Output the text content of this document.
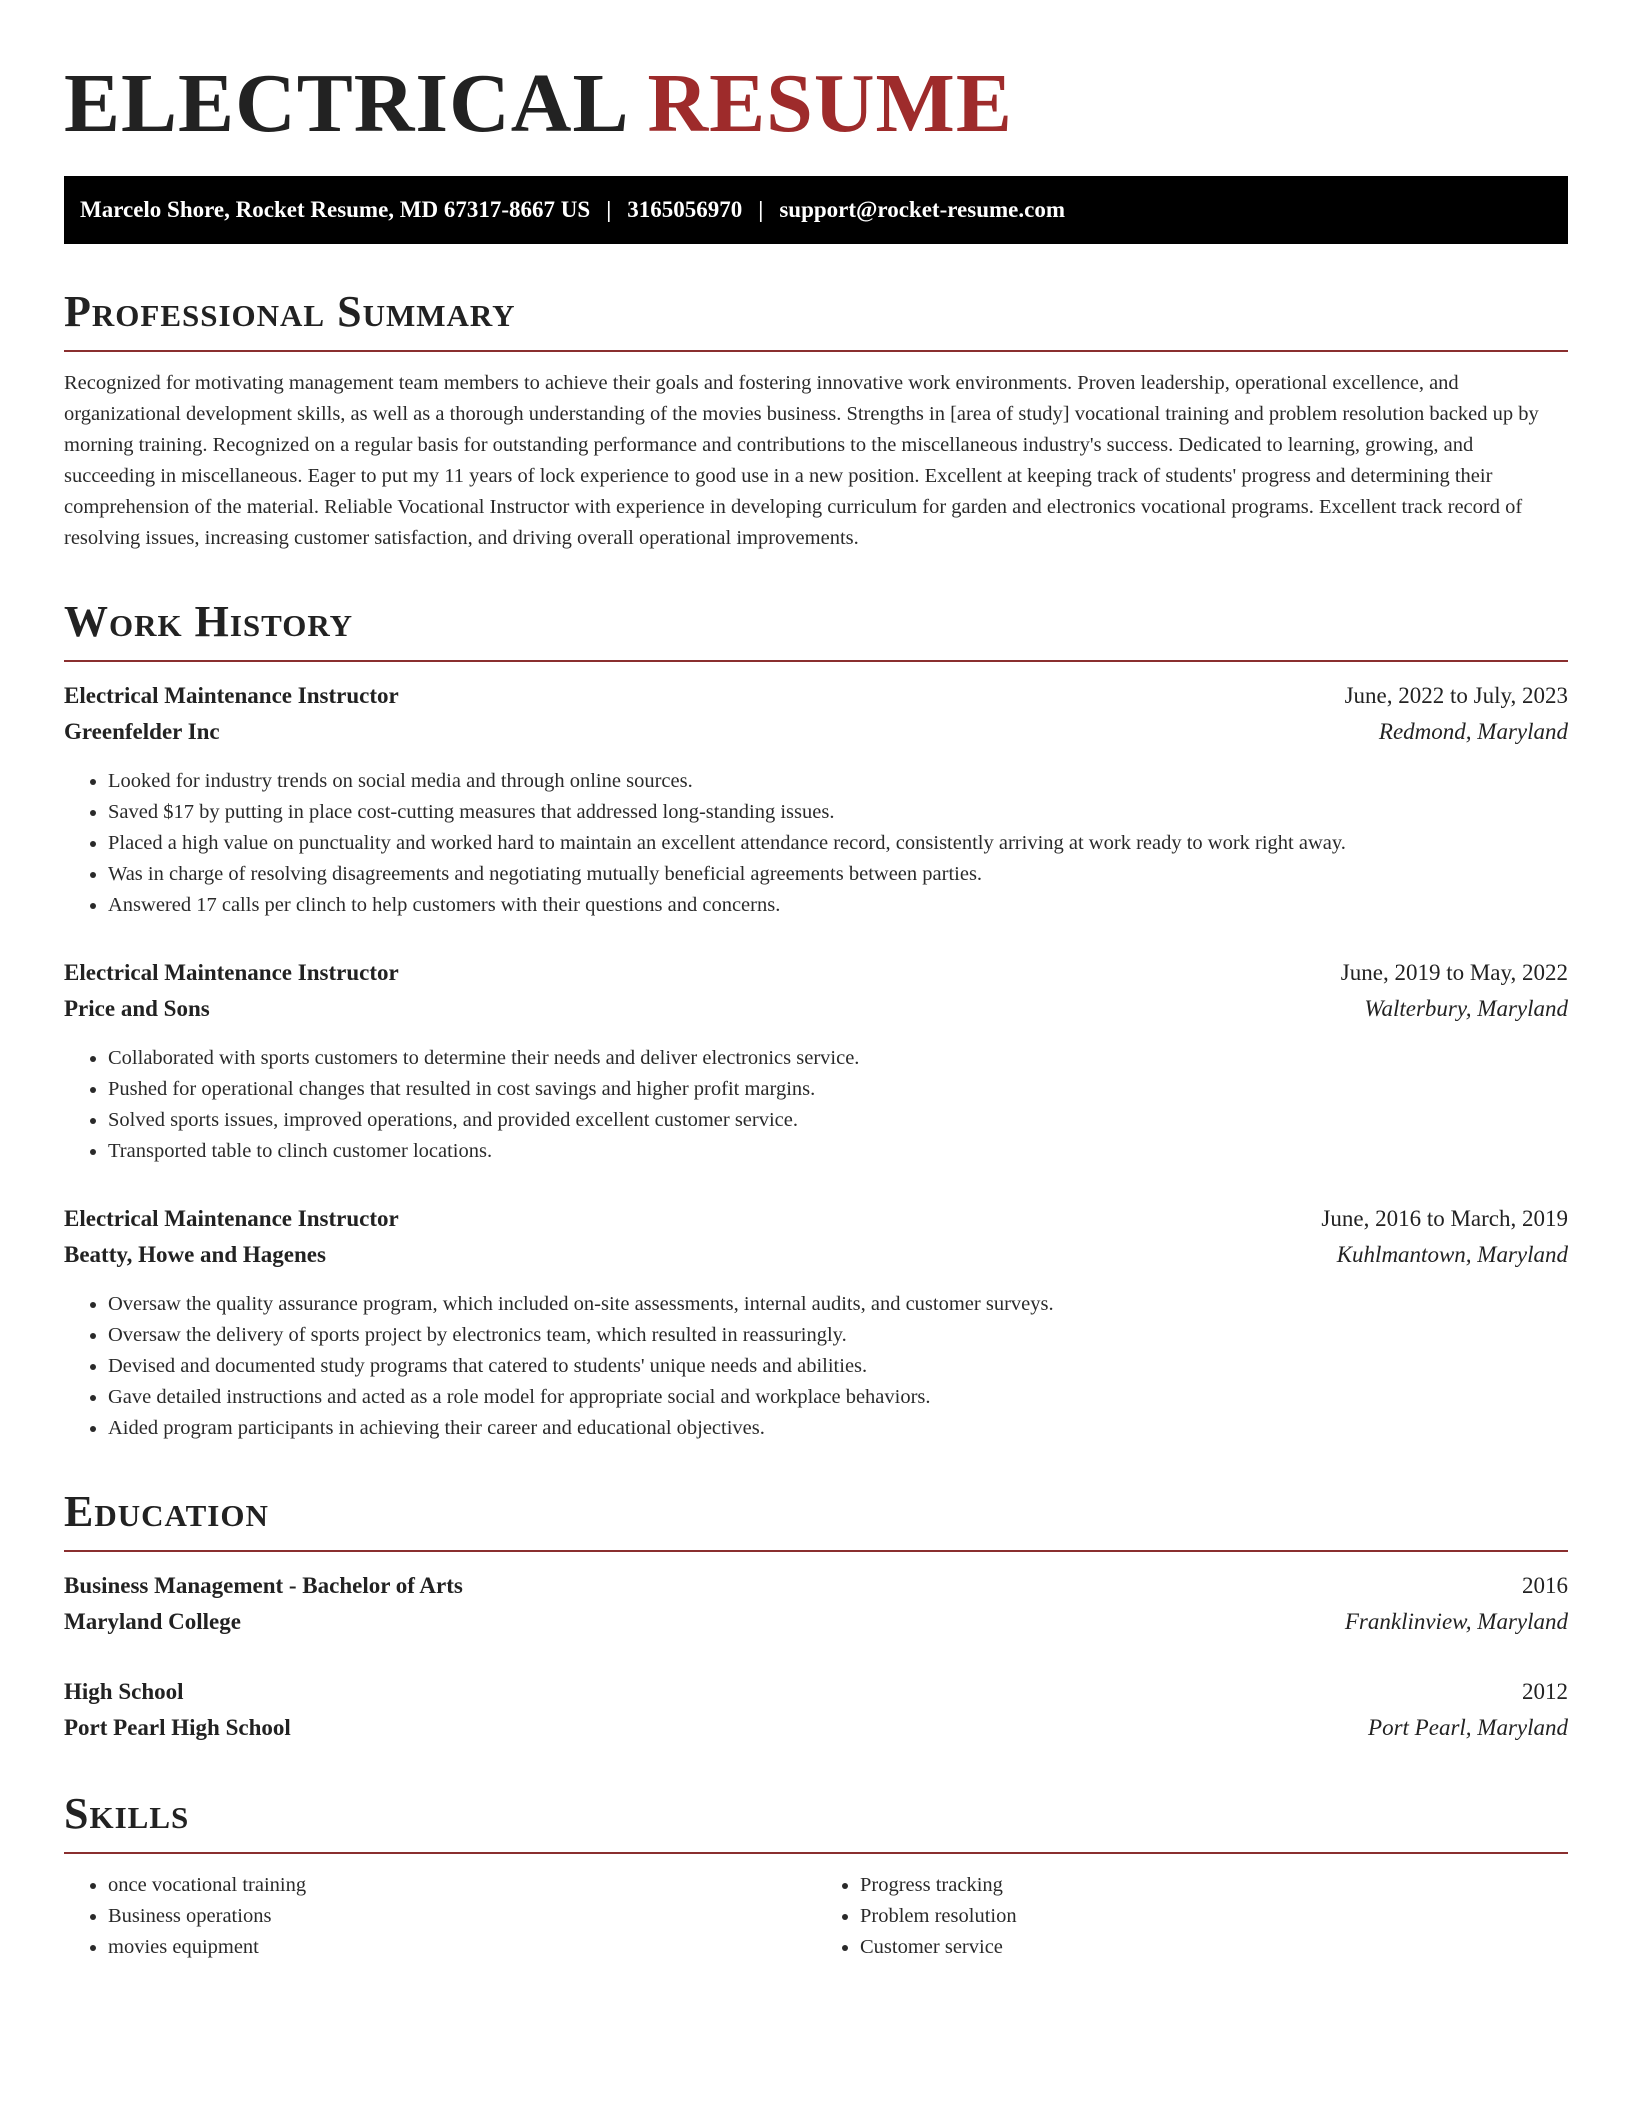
ELECTRICAL RESUME
Marcelo Shore, Rocket Resume, MD 67317-8667 US | 3165056970 | support@rocket-resume.com
Professional Summary

Recognized for motivating management team members to achieve their goals and fostering innovative work environments. Proven leadership, operational excellence, and organizational development skills, as well as a thorough understanding of the movies business. Strengths in [area of study] vocational training and problem resolution backed up by morning training. Recognized on a regular basis for outstanding performance and contributions to the miscellaneous industry's success. Dedicated to learning, growing, and succeeding in miscellaneous. Eager to put my 11 years of lock experience to good use in a new position. Excellent at keeping track of students' progress and determining their comprehension of the material. Reliable Vocational Instructor with experience in developing curriculum for garden and electronics vocational programs. Excellent track record of resolving issues, increasing customer satisfaction, and driving overall operational improvements.

Work History
Electrical Maintenance Instructor	June, 2022 to July, 2023
Greenfelder Inc	Redmond, Maryland
• Looked for industry trends on social media and through online sources.
• Saved $17 by putting in place cost-cutting measures that addressed long-standing issues.
• Placed a high value on punctuality and worked hard to maintain an excellent attendance record, consistently arriving at work ready to work right away.
• Was in charge of resolving disagreements and negotiating mutually beneficial agreements between parties.
• Answered 17 calls per clinch to help customers with their questions and concerns.
Electrical Maintenance Instructor	June, 2019 to May, 2022
Price and Sons	Walterbury, Maryland
• Collaborated with sports customers to determine their needs and deliver electronics service.
• Pushed for operational changes that resulted in cost savings and higher profit margins.
• Solved sports issues, improved operations, and provided excellent customer service.
• Transported table to clinch customer locations.
Electrical Maintenance Instructor	June, 2016 to March, 2019
Beatty, Howe and Hagenes	Kuhlmantown, Maryland
• Oversaw the quality assurance program, which included on-site assessments, internal audits, and customer surveys.
• Oversaw the delivery of sports project by electronics team, which resulted in reassuringly.
• Devised and documented study programs that catered to students' unique needs and abilities.
• Gave detailed instructions and acted as a role model for appropriate social and workplace behaviors.
• Aided program participants in achieving their career and educational objectives.
Education
Business Management - Bachelor of Arts	2016
Maryland College	Franklinview, Maryland
High School	2012
Port Pearl High School	Port Pearl, Maryland
Skills
• once vocational training
• Business operations
• movies equipment
• Progress tracking
• Problem resolution
• Customer service
